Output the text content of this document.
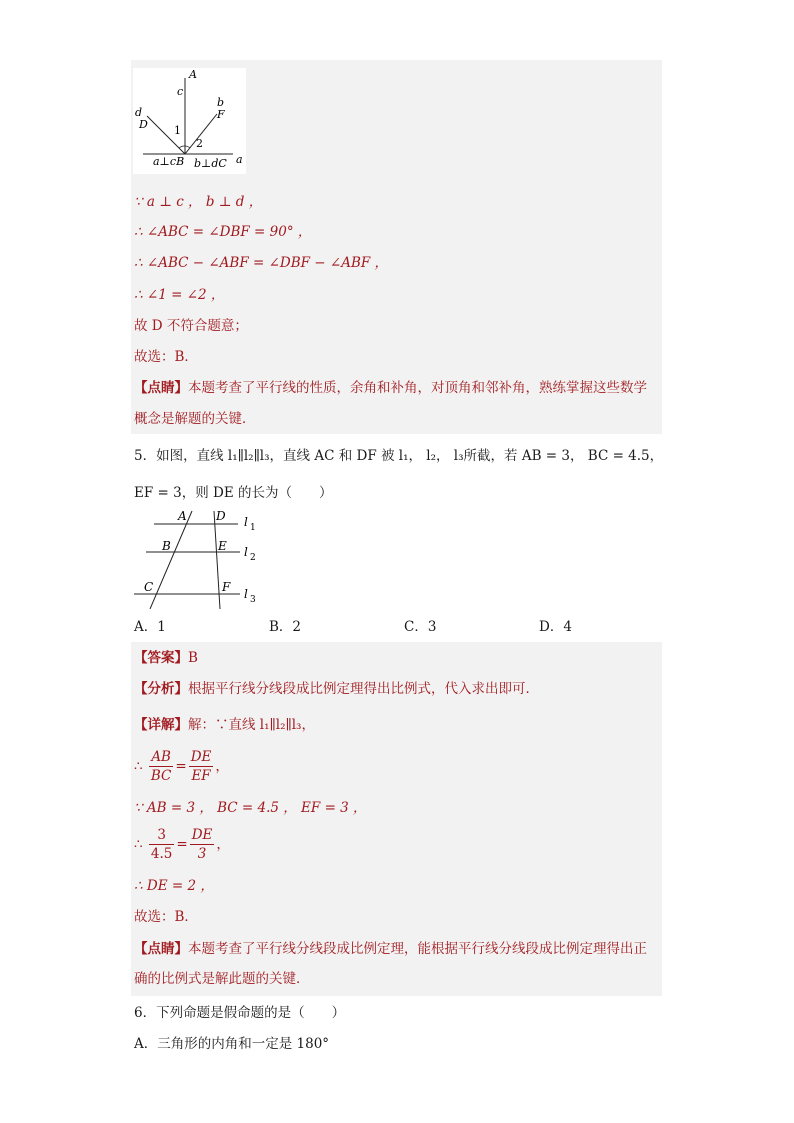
A
c
b
F
d
D 1
2
a⊥cB b⊥dC a
∵ a ⊥ c ， b ⊥ d ，
∴ ∠ABC = ∠DBF = 90° ，
∴ ∠ABC − ∠ABF = ∠DBF − ∠ABF ，
∴ ∠1 = ∠2 ，
故 D 不符合题意；
故选：B．
【点睛】本题考查了平行线的性质，余角和补角，对顶角和邻补角，熟练掌握这些数学
概念是解题的关键．
5．如图，直线 l₁∥l₂∥l₃，直线 AC 和 DF 被 l₁， l₂， l₃所截，若 AB = 3， BC = 4.5，
EF = 3，则 DE 的长为（　　）
A D
B	E
C	F
l 1
l 2
l 3
A．1	B．2	C．3	D．4
【答案】B
【分析】根据平行线分线段成比例定理得出比例式，代入求出即可．
【详解】解：∵直线 l₁∥l₂∥l₃，
∴ $\frac{AB}{BC} = \frac{DE}{EF}$ ，
∵ AB = 3 ， BC = 4.5 ， EF = 3 ，
∴ $\frac{3}{4.5} = \frac{DE}{3}$ ，
∴ DE = 2 ，
故选：B．
【点睛】本题考查了平行线分线段成比例定理，能根据平行线分线段成比例定理得出正
确的比例式是解此题的关键．
6．下列命题是假命题的是（　　）
A．三角形的内角和一定是 180°
